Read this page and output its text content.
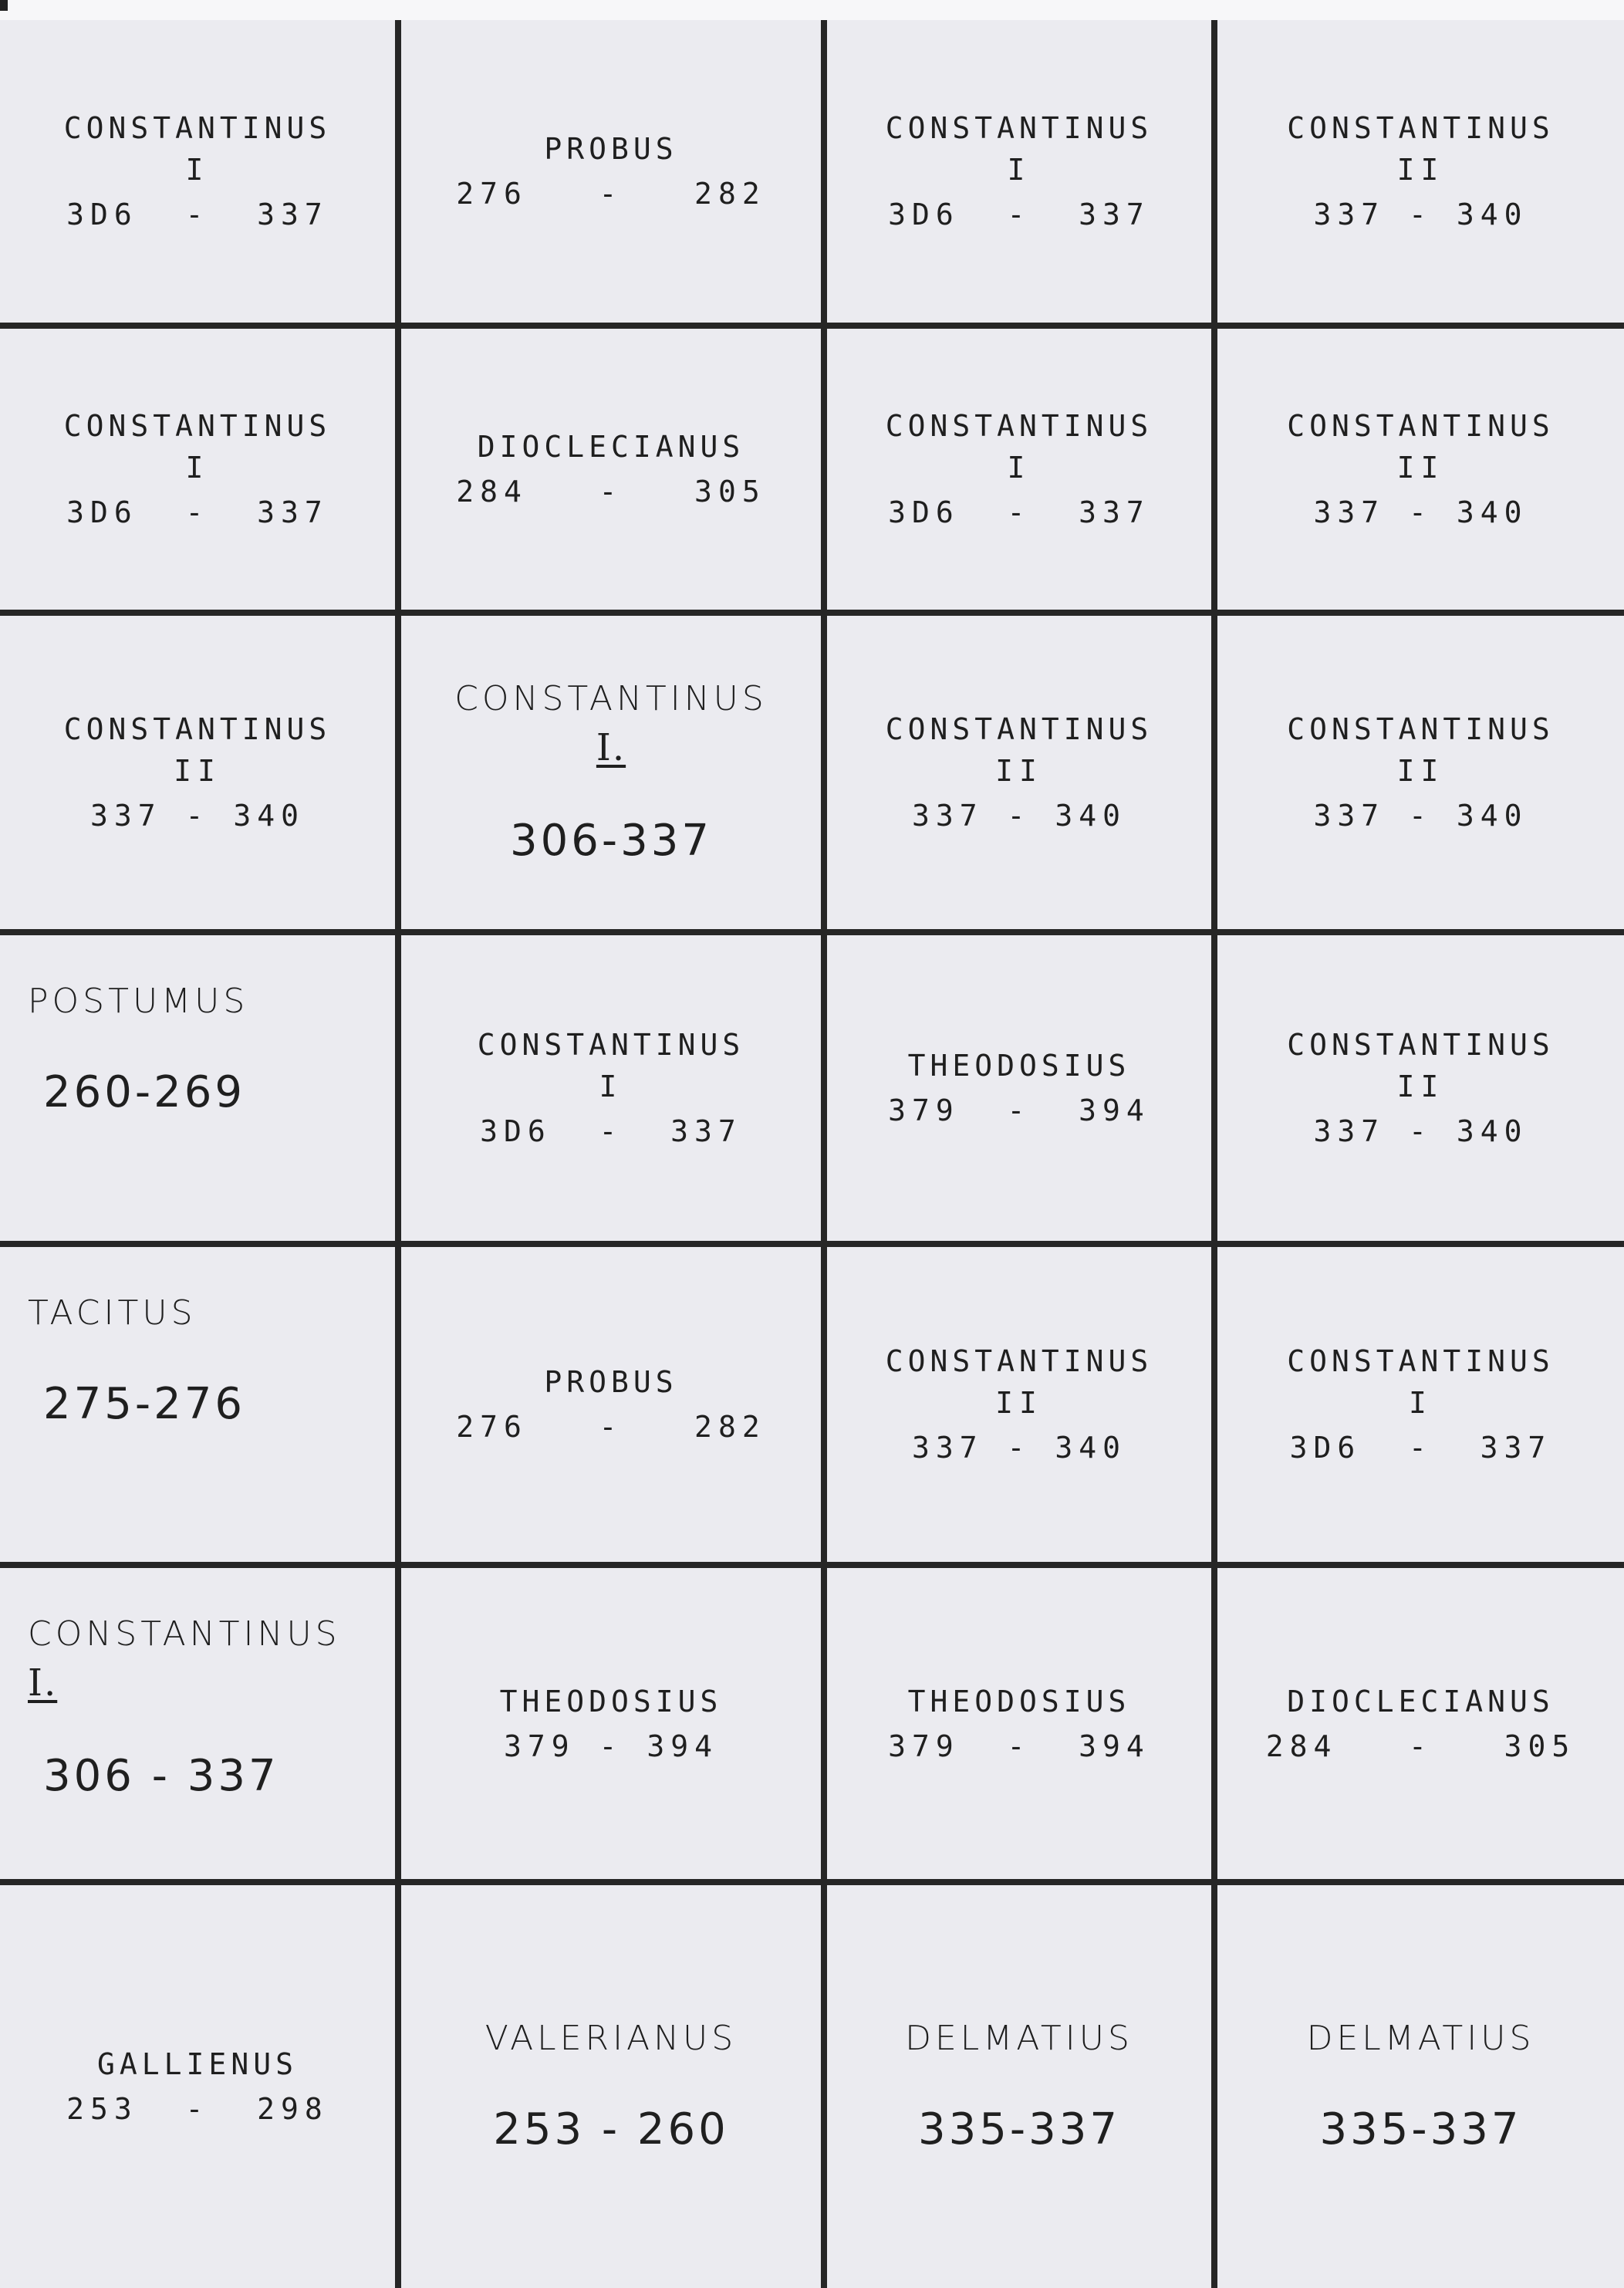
CONSTANTINUS
I
3D6  -  337
PROBUS
276   -   282
CONSTANTINUS
I
3D6  -  337
CONSTANTINUS
II
337 - 340
CONSTANTINUS
I
3D6  -  337
DIOCLECIANUS
284   -   305
CONSTANTINUS
I
3D6  -  337
CONSTANTINUS
II
337 - 340
CONSTANTINUS
II
337 - 340
CONSTANTINUS
I.
306-337
CONSTANTINUS
II
337 - 340
CONSTANTINUS
II
337 - 340
POSTUMUS
260-269
CONSTANTINUS
I
3D6  -  337
THEODOSIUS
379  -  394
CONSTANTINUS
II
337 - 340
TACITUS
275-276	PROBUS
276   -   282
CONSTANTINUS
II
337 - 340
CONSTANTINUS
I
3D6  -  337
CONSTANTINUS
I.
306 - 337
THEODOSIUS
379 - 394
THEODOSIUS
379  -  394
DIOCLECIANUS
284   -   305
GALLIENUS
253  -  298
VALERIANUS
253 - 260
DELMATIUS
335-337
DELMATIUS
335-337
